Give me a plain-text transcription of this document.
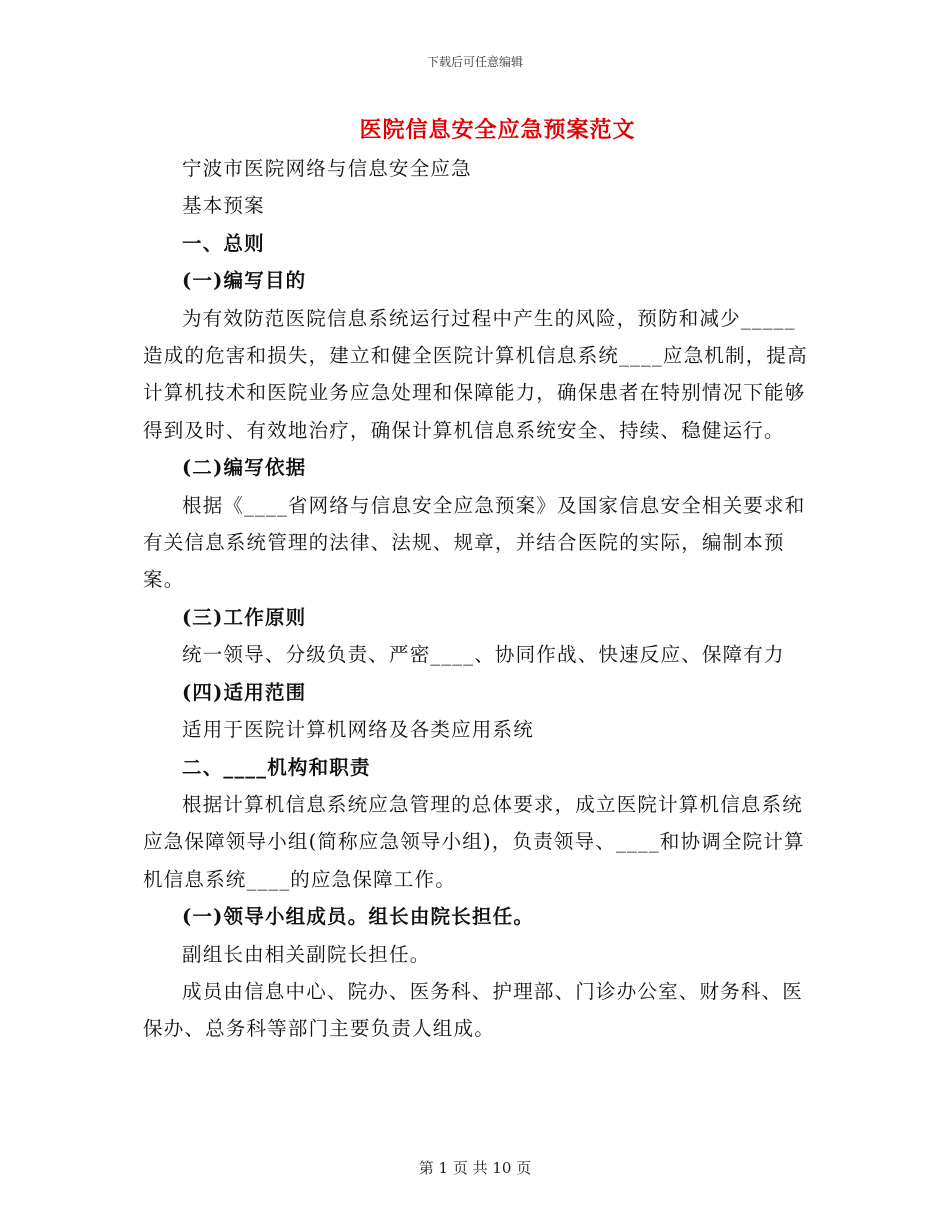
下载后可任意编辑
医院信息安全应急预案范文

宁波市医院网络与信息安全应急

基本预案

一、总则

(一)编写目的

为有效防范医院信息系统运行过程中产生的风险，预防和减少_____造成的危害和损失，建立和健全医院计算机信息系统____应急机制，提高计算机技术和医院业务应急处理和保障能力，确保患者在特别情况下能够得到及时、有效地治疗，确保计算机信息系统安全、持续、稳健运行。

(二)编写依据

根据《____省网络与信息安全应急预案》及国家信息安全相关要求和有关信息系统管理的法律、法规、规章，并结合医院的实际，编制本预案。

(三)工作原则

统一领导、分级负责、严密____、协同作战、快速反应、保障有力

(四)适用范围

适用于医院计算机网络及各类应用系统

二、____机构和职责

根据计算机信息系统应急管理的总体要求，成立医院计算机信息系统应急保障领导小组(简称应急领导小组)，负责领导、____和协调全院计算机信息系统____的应急保障工作。

(一)领导小组成员。组长由院长担任。

副组长由相关副院长担任。

成员由信息中心、院办、医务科、护理部、门诊办公室、财务科、医保办、总务科等部门主要负责人组成。

第 1 页 共 10 页
